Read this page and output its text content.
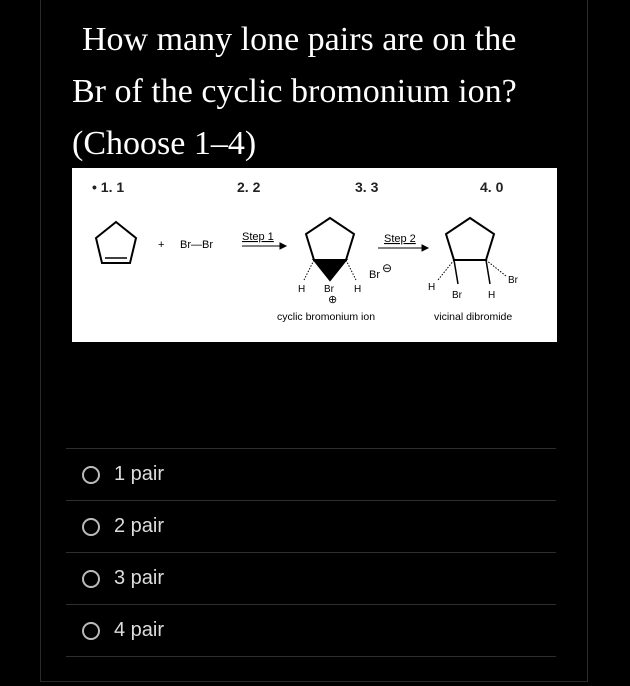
How many lone pairs are on the
Br of the cyclic bromonium ion?
(Choose 1–4)
• 1. 1	2. 2	3. 3	4. 0
+ Br—Br
Step 1
H Br
⊕
H
Br ⊖
cyclic bromonium ion
Step 2
H
Br	H
Br
vicinal dibromide
1 pair
2 pair
3 pair
4 pair
